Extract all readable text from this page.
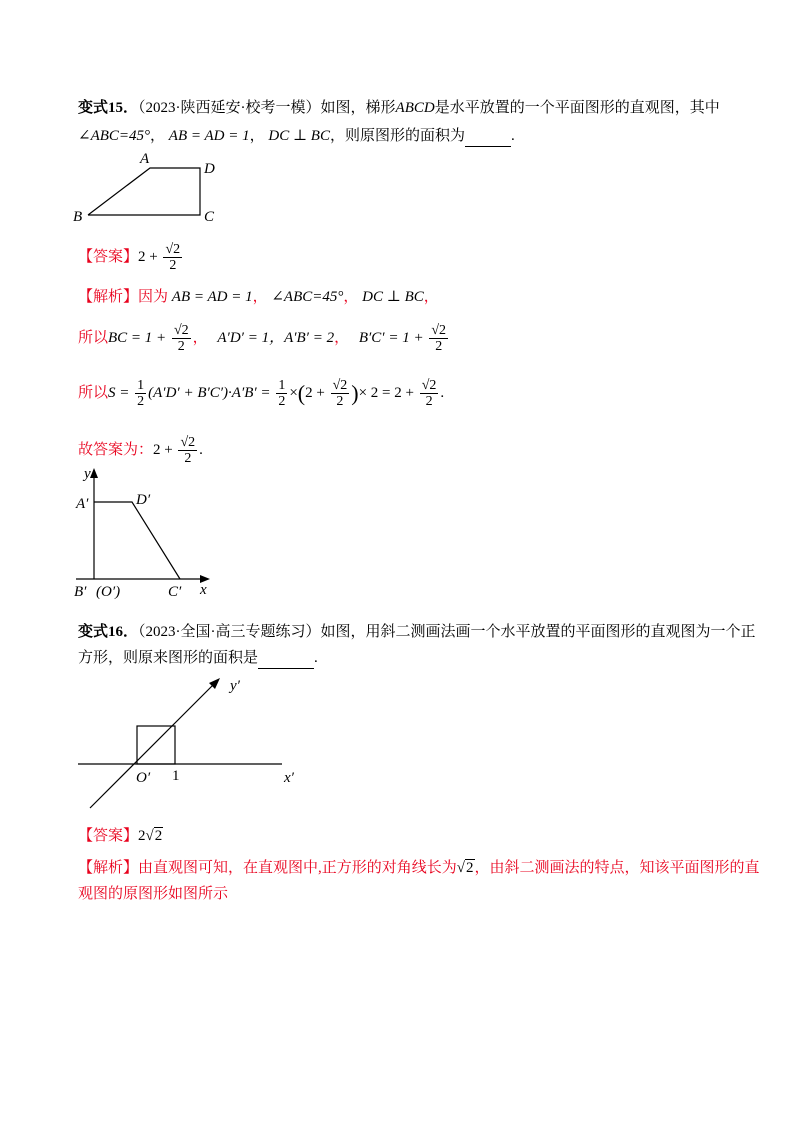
变式15．（2023·陕西延安·校考一模）如图，梯形ABCD是水平放置的一个平面图形的直观图，其中
∠ABC=45°， AB = AD = 1， DC ⊥ BC，则原图形的面积为	.
A
D
B	C
【答案】$2 + \frac{√2}{2}$
【解析】因为 AB = AD = 1， ∠ABC=45°， DC ⊥ BC，
所以BC = $1 + \frac{√2}{2}$ ， A′D′ = 1，A′B′ = 2， $B'C' = 1 + \frac{√2}{2}$
所以$S = \frac{1}{2} (A'D' + B'C')\cdot A'B' = \frac{1}{2} \times(2 + \frac{√2}{2}$ )× $2 = 2 + \frac{√2}{2}$ .
故答案为：$2 + \frac{√2}{2}$ .
y
A′	D′
B′ (O′)	C′ x
变式16．（2023·全国·高三专题练习）如图，用斜二测画法画一个水平放置的平面图形的直观图为一个正
方形，则原来图形的面积是	.
y′
O′ 1	x′
【答案】2√2
【解析】由直观图可知，在直观图中,正方形的对角线长为√2，由斜二测画法的特点，知该平面图形的直
观图的原图形如图所示
